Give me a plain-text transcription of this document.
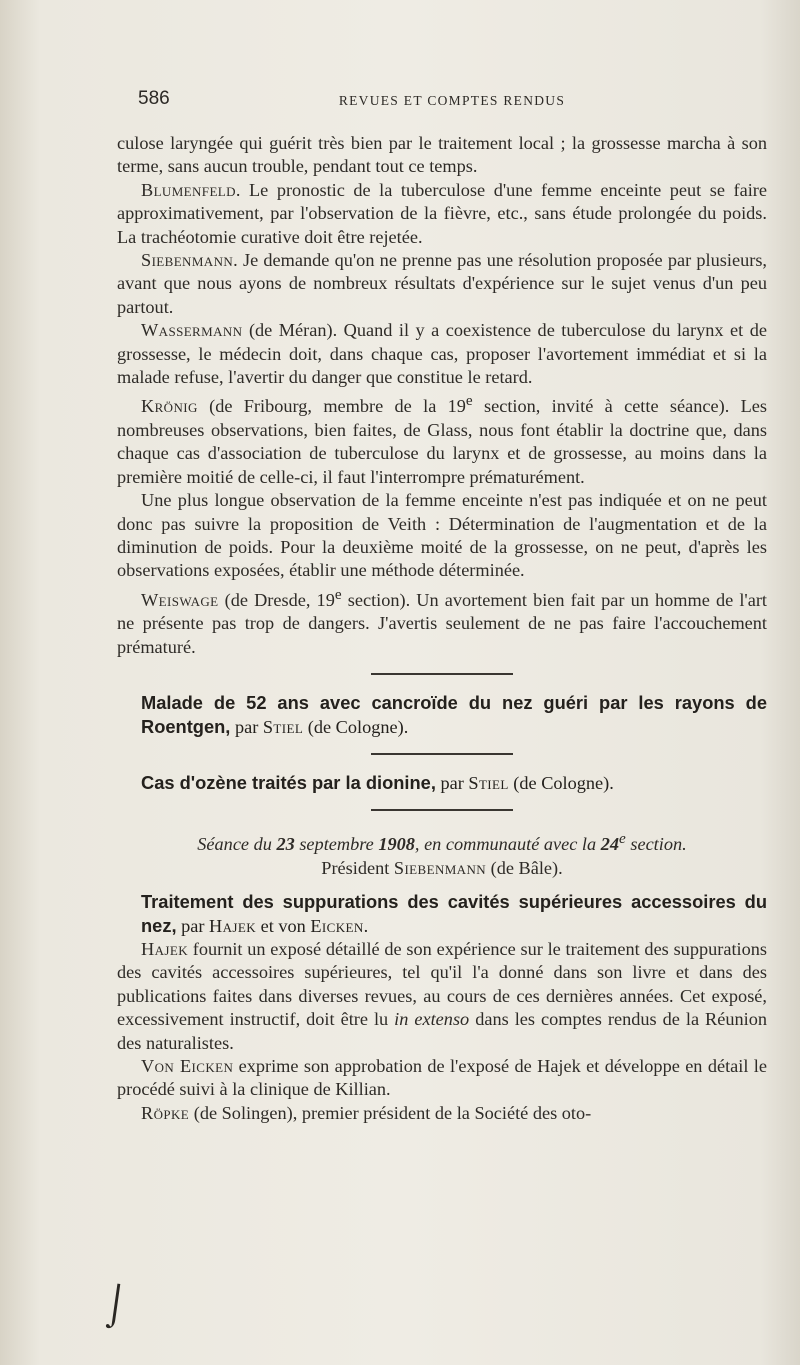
586	REVUES ET COMPTES RENDUS

culose laryngée qui guérit très bien par le traitement local ; la grossesse marcha à son terme, sans aucun trouble, pendant tout ce temps.

Blumenfeld. Le pronostic de la tuberculose d'une femme enceinte peut se faire approximativement, par l'observation de la fièvre, etc., sans étude prolongée du poids. La trachéotomie curative doit être rejetée.

Siebenmann. Je demande qu'on ne prenne pas une résolution proposée par plusieurs, avant que nous ayons de nombreux résultats d'expérience sur le sujet venus d'un peu partout.

Wassermann (de Méran). Quand il y a coexistence de tuberculose du larynx et de grossesse, le médecin doit, dans chaque cas, proposer l'avortement immédiat et si la malade refuse, l'avertir du danger que constitue le retard.

Krönig (de Fribourg, membre de la 19e section, invité à cette séance). Les nombreuses observations, bien faites, de Glass, nous font établir la doctrine que, dans chaque cas d'association de tuberculose du larynx et de grossesse, au moins dans la première moitié de celle-ci, il faut l'interrompre prématurément.

Une plus longue observation de la femme enceinte n'est pas indiquée et on ne peut donc pas suivre la proposition de Veith : Détermination de l'augmentation et de la diminution de poids. Pour la deuxième moité de la grossesse, on ne peut, d'après les observations exposées, établir une méthode déterminée.

Weiswage (de Dresde, 19e section). Un avortement bien fait par un homme de l'art ne présente pas trop de dangers. J'avertis seulement de ne pas faire l'accouchement prématuré.

Malade de 52 ans avec cancroïde du nez guéri par les rayons de Roentgen, par Stiel (de Cologne).

Cas d'ozène traités par la dionine, par Stiel (de Cologne).

Séance du 23 septembre 1908, en communauté avec la 24e section.

Président Siebenmann (de Bâle).

Traitement des suppurations des cavités supérieures accessoires du nez, par Hajek et von Eicken.

Hajek fournit un exposé détaillé de son expérience sur le traitement des suppurations des cavités accessoires supérieures, tel qu'il l'a donné dans son livre et dans des publications faites dans diverses revues, au cours de ces dernières années. Cet exposé, excessivement instructif, doit être lu in extenso dans les comptes rendus de la Réunion des naturalistes.

Von Eicken exprime son approbation de l'exposé de Hajek et développe en détail le procédé suivi à la clinique de Killian.

Röpke (de Solingen), premier président de la Société des oto-

⌡
